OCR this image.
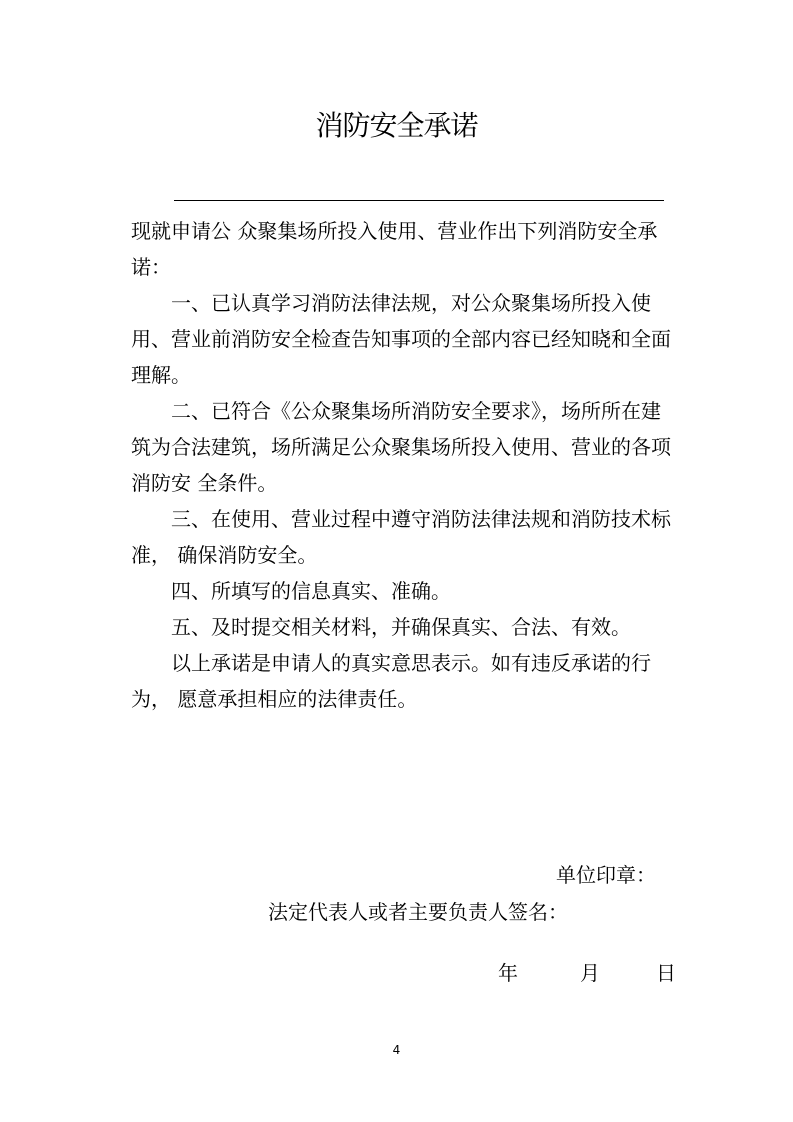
消防安全承诺

现就申请公 众聚集场所投入使用、营业作出下列消防安全承诺：

一、已认真学习消防法律法规，对公众聚集场所投入使用、营业前消防安全检查告知事项的全部内容已经知晓和全面理解。

二、已符合《公众聚集场所消防安全要求》，场所所在建筑为合法建筑，场所满足公众聚集场所投入使用、营业的各项消防安 全条件。

三、在使用、营业过程中遵守消防法律法规和消防技术标准， 确保消防安全。

四、所填写的信息真实、准确。

五、及时提交相关材料，并确保真实、合法、有效。

以上承诺是申请人的真实意思表示。如有违反承诺的行为， 愿意承担相应的法律责任。

单位印章：
法定代表人或者主要负责人签名：
年	月	日
4
